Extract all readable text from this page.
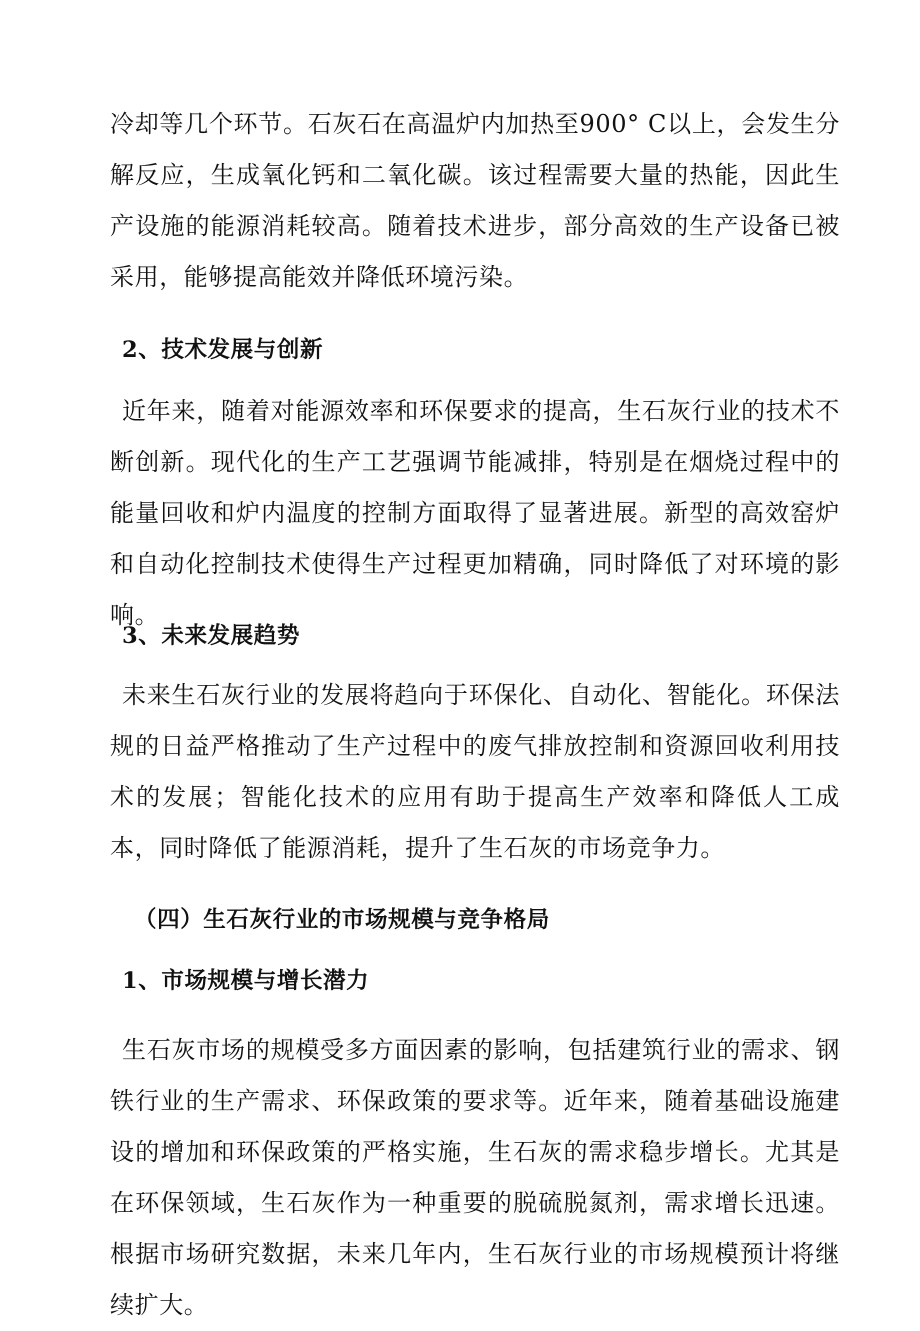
冷却等几个环节。石灰石在高温炉内加热至900° C以上，会发生分解反应，生成氧化钙和二氧化碳。该过程需要大量的热能，因此生产设施的能源消耗较高。随着技术进步，部分高效的生产设备已被采用，能够提高能效并降低环境污染。

2、技术发展与创新

近年来，随着对能源效率和环保要求的提高，生石灰行业的技术不断创新。现代化的生产工艺强调节能减排，特别是在烟烧过程中的能量回收和炉内温度的控制方面取得了显著进展。新型的高效窑炉和自动化控制技术使得生产过程更加精确，同时降低了对环境的影响。

3、未来发展趋势

未来生石灰行业的发展将趋向于环保化、自动化、智能化。环保法规的日益严格推动了生产过程中的废气排放控制和资源回收利用技术的发展；智能化技术的应用有助于提高生产效率和降低人工成本，同时降低了能源消耗，提升了生石灰的市场竞争力。

（四）生石灰行业的市场规模与竞争格局
1、市场规模与增长潜力

生石灰市场的规模受多方面因素的影响，包括建筑行业的需求、钢铁行业的生产需求、环保政策的要求等。近年来，随着基础设施建设的增加和环保政策的严格实施，生石灰的需求稳步增长。尤其是在环保领域，生石灰作为一种重要的脱硫脱氮剂，需求增长迅速。根据市场研究数据，未来几年内，生石灰行业的市场规模预计将继续扩大。
